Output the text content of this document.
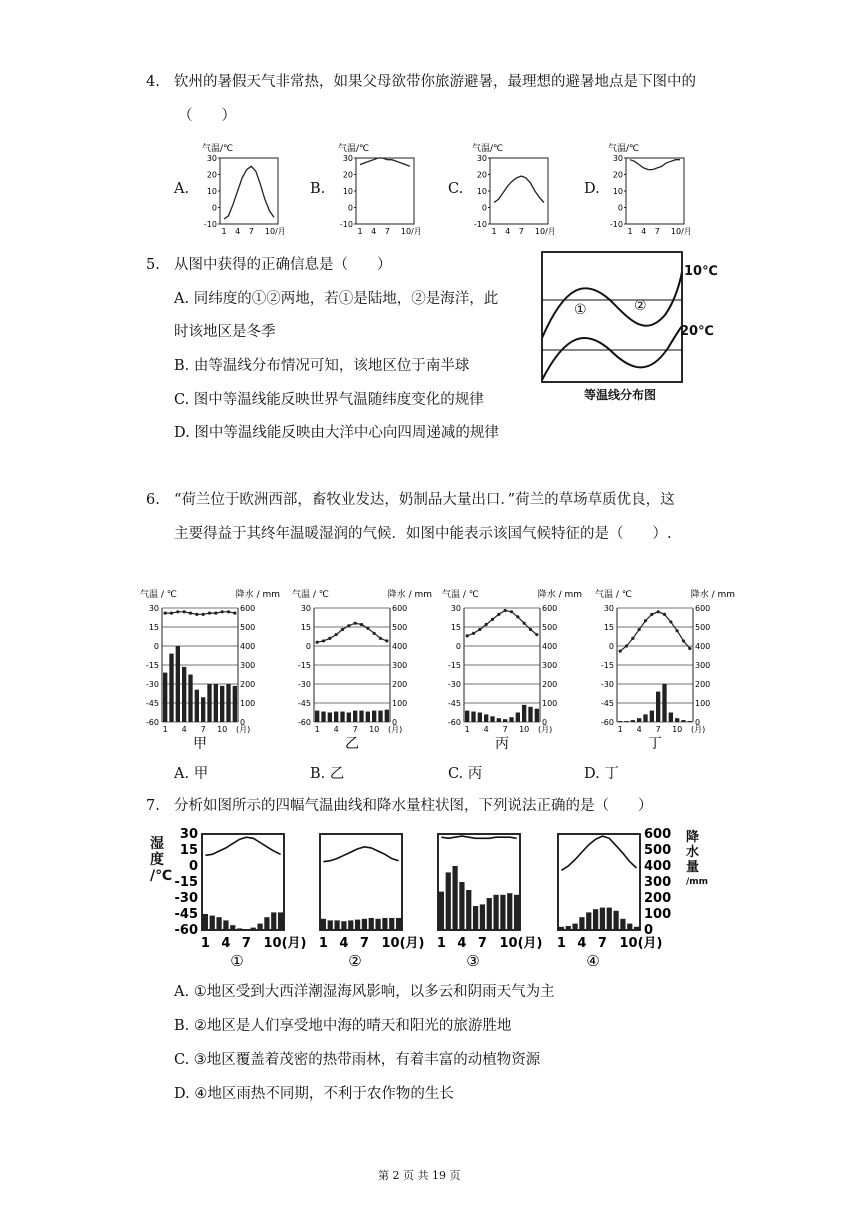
4. 钦州的暑假天气非常热，如果父母欲带你旅游避暑，最理想的避暑地点是下图中的
（　　）
A.	B.	C.	D.
气温/℃
30
20
10
0
-10
1 4 7 10/月
气温/℃
30
20
10
0
-10
1 4 7 10/月
气温/℃
30
20
10
0
-10
1 4 7 10/月
气温/℃
30
20
10
0
-10
1 4 7 10/月
5. 从图中获得的正确信息是（　　）
A. 同纬度的①②两地，若①是陆地，②是海洋，此
时该地区是冬季
B. 由等温线分布情况可知，该地区位于南半球
C. 图中等温线能反映世界气温随纬度变化的规律
D. 图中等温线能反映由大洋中心向四周递减的规律
①	②
10℃
20℃
等温线分布图
6. “荷兰位于欧洲西部，畜牧业发达，奶制品大量出口．”荷兰的草场草质优良，这
主要得益于其终年温暖湿润的气候．如图中能表示该国气候特征的是（　　）.
气温 / ℃	降水 / mm
30	600
15	500
0	400
-15	300
-30	200
-45	100
-60	0
1 4 7 10 (月)
甲
气温 / ℃	降水 / mm
30	600
15	500
0	400
-15	300
-30	200
-45	100
-60	0
1 4 7 10 (月)
乙
气温 / ℃	降水 / mm
30	600
15	500
0	400
-15	300
-30	200
-45	100
-60	0
1 4 7 10 (月)
丙
气温 / ℃	降水 / mm
30	600
15	500
0	400
-15	300
-30	200
-45	100
-60	0
1 4 7 10 (月)
丁
A. 甲	B. 乙	C. 丙	D. 丁
7. 分析如图所示的四幅气温曲线和降水量柱状图，下列说法正确的是（　　）
湿
度
/℃
降
水
量
/mm
30	600
15	500
0	400
-15	300
-30	200
-45	100
-60	0
1 4 7 10(月)
①
1 4 7 10(月)
②
1 4 7 10(月)
③
1 4 7 10(月)
④
A. ①地区受到大西洋潮湿海风影响，以多云和阴雨天气为主
B. ②地区是人们享受地中海的晴天和阳光的旅游胜地
C. ③地区覆盖着茂密的热带雨林，有着丰富的动植物资源
D. ④地区雨热不同期，不利于农作物的生长
第 2 页 共 19 页
